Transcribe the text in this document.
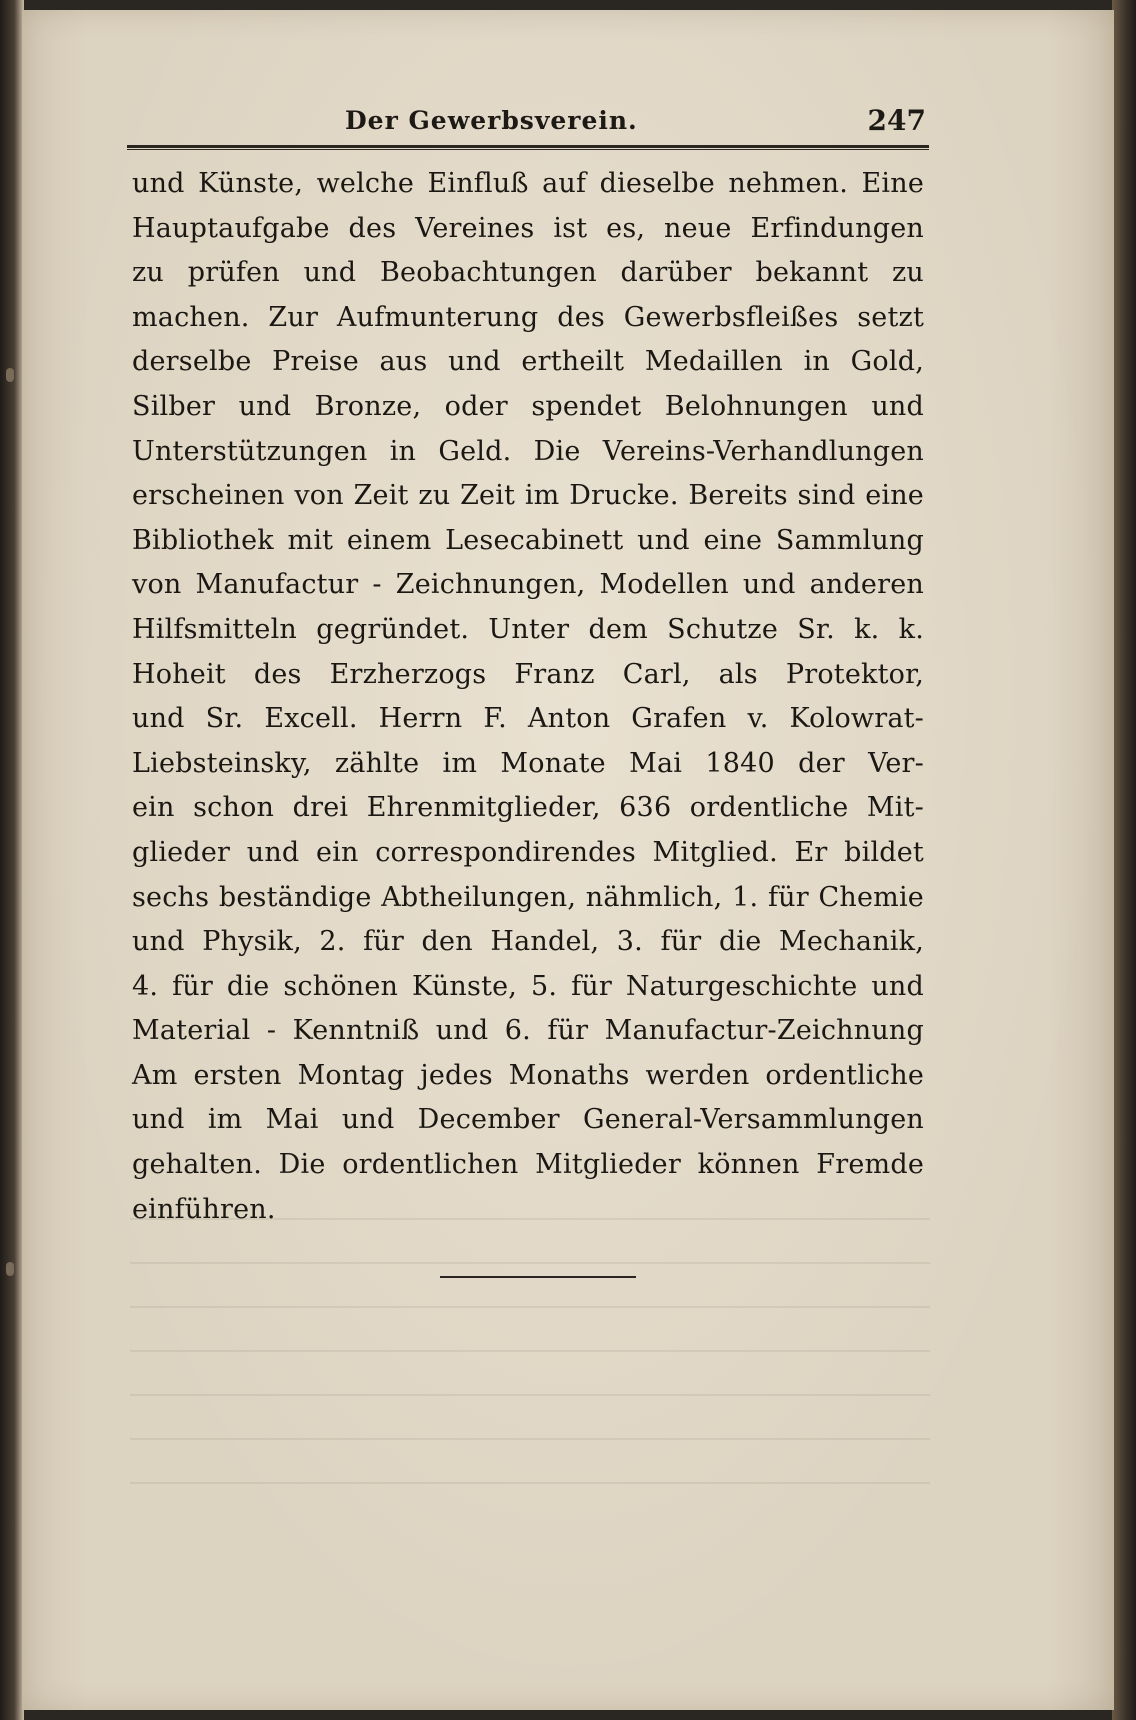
Der Gewerbsverein.	247
und Künste, welche Einfluß auf dieselbe nehmen. Eine
Hauptaufgabe des Vereines ist es, neue Erfindungen
zu prüfen und Beobachtungen darüber bekannt zu
machen. Zur Aufmunterung des Gewerbsfleißes setzt
derselbe Preise aus und ertheilt Medaillen in Gold,
Silber und Bronze, oder spendet Belohnungen und
Unterstützungen in Geld. Die Vereins-Verhandlungen
erscheinen von Zeit zu Zeit im Drucke. Bereits sind eine
Bibliothek mit einem Lesecabinett und eine Sammlung
von Manufactur - Zeichnungen, Modellen und anderen
Hilfsmitteln gegründet. Unter dem Schutze Sr. k. k.
Hoheit des Erzherzogs Franz Carl, als Protektor,
und Sr. Excell. Herrn F. Anton Grafen v. Kolowrat-
Liebsteinsky, zählte im Monate Mai 1840 der Ver-
ein schon drei Ehrenmitglieder, 636 ordentliche Mit-
glieder und ein correspondirendes Mitglied. Er bildet
sechs beständige Abtheilungen, nähmlich, 1. für Chemie
und Physik, 2. für den Handel, 3. für die Mechanik,
4. für die schönen Künste, 5. für Naturgeschichte und
Material - Kenntniß und 6. für Manufactur-Zeichnung
Am ersten Montag jedes Monaths werden ordentliche
und im Mai und December General-Versammlungen
gehalten. Die ordentlichen Mitglieder können Fremde
einführen.
